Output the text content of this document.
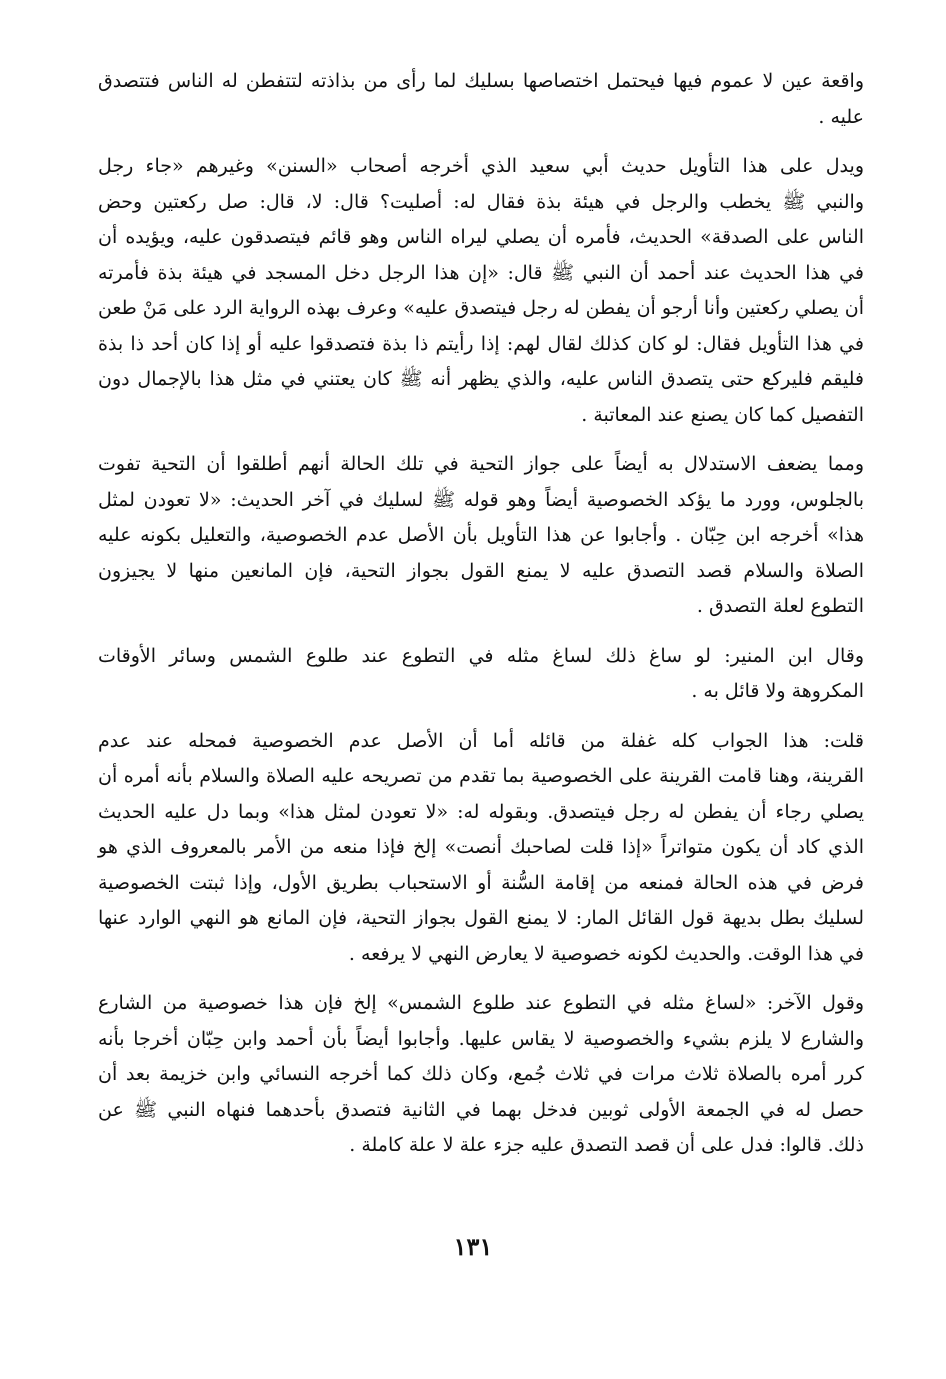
واقعة عين لا عموم فيها فيحتمل اختصاصها بسليك لما رأى من بذاذته لتتفطن له الناس فتتصدق
عليه .
ويدل على هذا التأويل حديث أبي سعيد الذي أخرجه أصحاب «السنن» وغيرهم «جاء رجل
والنبي ﷺ يخطب والرجل في هيئة بذة فقال له: أصليت؟ قال: لا، قال: صل ركعتين وحض
الناس على الصدقة» الحديث، فأمره أن يصلي ليراه الناس وهو قائم فيتصدقون عليه، ويؤيده أن
في هذا الحديث عند أحمد أن النبي ﷺ قال: «إن هذا الرجل دخل المسجد في هيئة بذة فأمرته
أن يصلي ركعتين وأنا أرجو أن يفطن له رجل فيتصدق عليه» وعرف بهذه الرواية الرد على مَنْ طعن
في هذا التأويل فقال: لو كان كذلك لقال لهم: إذا رأيتم ذا بذة فتصدقوا عليه أو إذا كان أحد ذا بذة
فليقم فليركع حتى يتصدق الناس عليه، والذي يظهر أنه ﷺ كان يعتني في مثل هذا بالإجمال دون
التفصيل كما كان يصنع عند المعاتبة .
ومما يضعف الاستدلال به أيضاً على جواز التحية في تلك الحالة أنهم أطلقوا أن التحية تفوت
بالجلوس، وورد ما يؤكد الخصوصية أيضاً وهو قوله ﷺ لسليك في آخر الحديث: «لا تعودن لمثل
هذا» أخرجه ابن حِبّان . وأجابوا عن هذا التأويل بأن الأصل عدم الخصوصية، والتعليل بكونه عليه
الصلاة والسلام قصد التصدق عليه لا يمنع القول بجواز التحية، فإن المانعين منها لا يجيزون
التطوع لعلة التصدق .
وقال ابن المنير: لو ساغ ذلك لساغ مثله في التطوع عند طلوع الشمس وسائر الأوقات
المكروهة ولا قائل به .
قلت: هذا الجواب كله غفلة من قائله أما أن الأصل عدم الخصوصية فمحله عند عدم
القرينة، وهنا قامت القرينة على الخصوصية بما تقدم من تصريحه عليه الصلاة والسلام بأنه أمره أن
يصلي رجاء أن يفطن له رجل فيتصدق. وبقوله له: «لا تعودن لمثل هذا» وبما دل عليه الحديث
الذي كاد أن يكون متواتراً «إذا قلت لصاحبك أنصت» إلخ فإذا منعه من الأمر بالمعروف الذي هو
فرض في هذه الحالة فمنعه من إقامة السُّنة أو الاستحباب بطريق الأول، وإذا ثبتت الخصوصية
لسليك بطل بديهة قول القائل المار: لا يمنع القول بجواز التحية، فإن المانع هو النهي الوارد عنها
في هذا الوقت. والحديث لكونه خصوصية لا يعارض النهي لا يرفعه .
وقول الآخر: «لساغ مثله في التطوع عند طلوع الشمس» إلخ فإن هذا خصوصية من الشارع
والشارع لا يلزم بشيء والخصوصية لا يقاس عليها. وأجابوا أيضاً بأن أحمد وابن حِبّان أخرجا بأنه
كرر أمره بالصلاة ثلاث مرات في ثلاث جُمع، وكان ذلك كما أخرجه النسائي وابن خزيمة بعد أن
حصل له في الجمعة الأولى ثوبين فدخل بهما في الثانية فتصدق بأحدهما فنهاه النبي ﷺ عن
ذلك. قالوا: فدل على أن قصد التصدق عليه جزء علة لا علة كاملة .
١٣١
